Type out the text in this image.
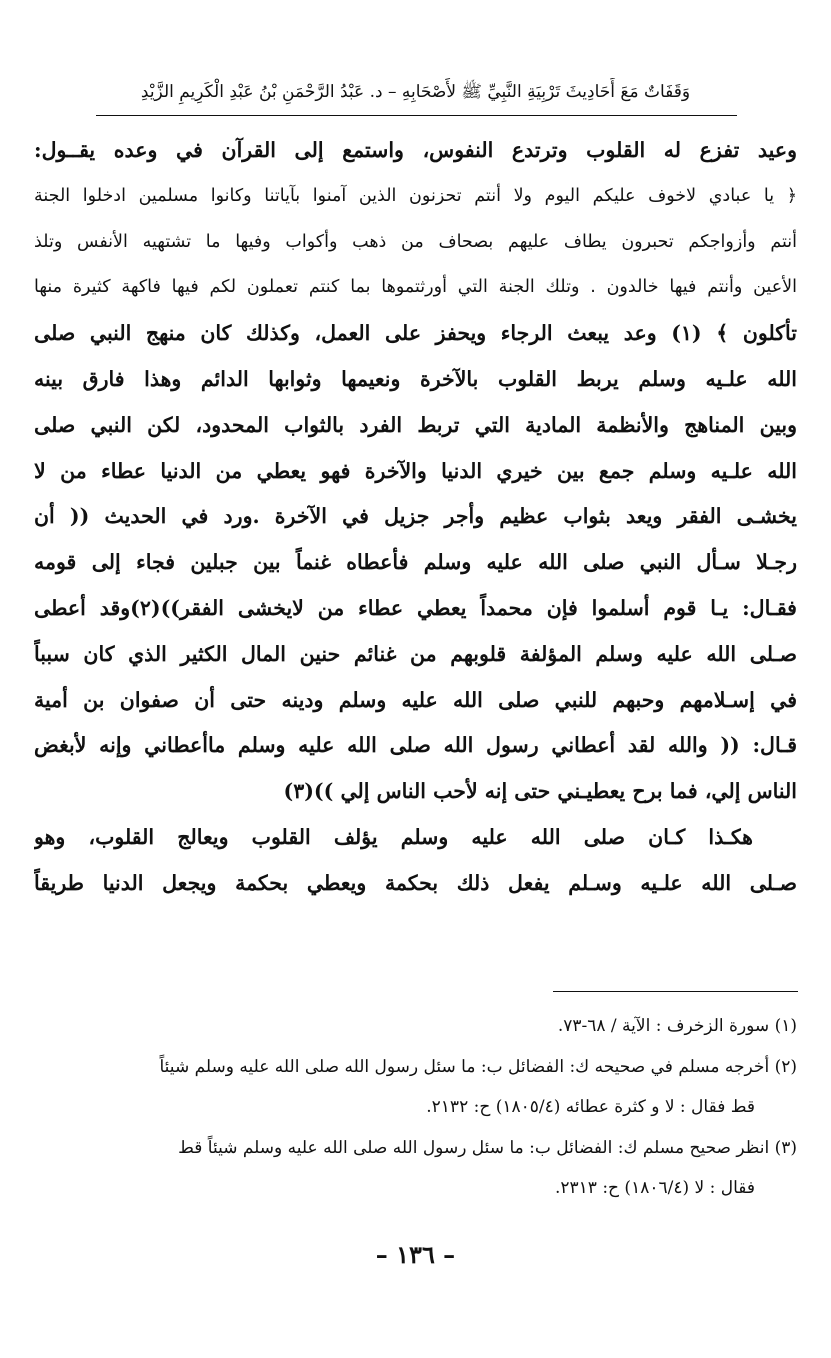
وَقَفَاتٌ مَعَ أَحَادِيثَ تَرْبِيَةِ النَّبِيِّ ﷺ لأَصْحَابِهِ – د. عَبْدُ الرَّحْمَنِ بْنُ عَبْدِ الْكَرِيمِ الزَّيْدِ
وعيد تفزع له القلوب وترتدع النفوس، واستمع إلى القرآن في وعده يقــول:
﴿ يا عبادي لاخوف عليكم اليوم ولا أنتم تحزنون الذين آمنوا بآياتنا وكانوا مسلمين ادخلوا الجنة
أنتم وأزواجكم تحبرون يطاف عليهم بصحاف من ذهب وأكواب وفيها ما تشتهيه الأنفس وتلذ
الأعين وأنتم فيها خالدون . وتلك الجنة التي أورثتموها بما كنتم تعملون لكم فيها فاكهة كثيرة منها
تأكلون ﴾ (١) وعد يبعث الرجاء ويحفز على العمل، وكذلك كان منهج النبي صلى
الله علـيه وسلم يربط القلوب بالآخرة ونعيمها وثوابها الدائم وهذا فارق بينه
وبين المناهج والأنظمة المادية التي تربط الفرد بالثواب المحدود، لكن النبي صلى
الله علـيه وسلم جمع بين خيري الدنيا والآخرة فهو يعطي من الدنيا عطاء من لا
يخشـى الفقر ويعد بثواب عظيم وأجر جزيل في الآخرة .ورد في الحديث (( أن
رجـلا سـأل النبي صلى الله عليه وسلم فأعطاه غنماً بين جبلين فجاء إلى قومه
فقـال: يـا قوم أسلموا فإن محمداً يعطي عطاء من لايخشى الفقر))(٢)وقد أعطى
صـلى الله عليه وسلم المؤلفة قلوبهم من غنائم حنين المال الكثير الذي كان سبباً
في إسـلامهم وحبهم للنبي صلى الله عليه وسلم ودينه حتى أن صفوان بن أمية
قـال: (( والله لقد أعطاني رسول الله صلى الله عليه وسلم ماأعطاني وإنه لأبغض
الناس إلي، فما برح يعطيـني حتى إنه لأحب الناس إلي ))(٣)
هكـذا كـان صلى الله عليه وسلم يؤلف القلوب ويعالج القلوب، وهو
صـلى الله علـيه وسـلم يفعل ذلك بحكمة ويعطي بحكمة ويجعل الدنيا طريقاً
(١) سورة الزخرف : الآية / ٦٨-٧٣.
(٢) أخرجه مسلم في صحيحه ك: الفضائل ب: ما سئل رسول الله صلى الله عليه وسلم شيئاً
قط فقال : لا و كثرة عطائه (١٨٠٥/٤) ح: ٢١٣٢.
(٣) انظر صحيح مسلم ك: الفضائل ب: ما سئل رسول الله صلى الله عليه وسلم شيئاً قط
فقال : لا (١٨٠٦/٤) ح: ٢٣١٣.
– ١٣٦ –
